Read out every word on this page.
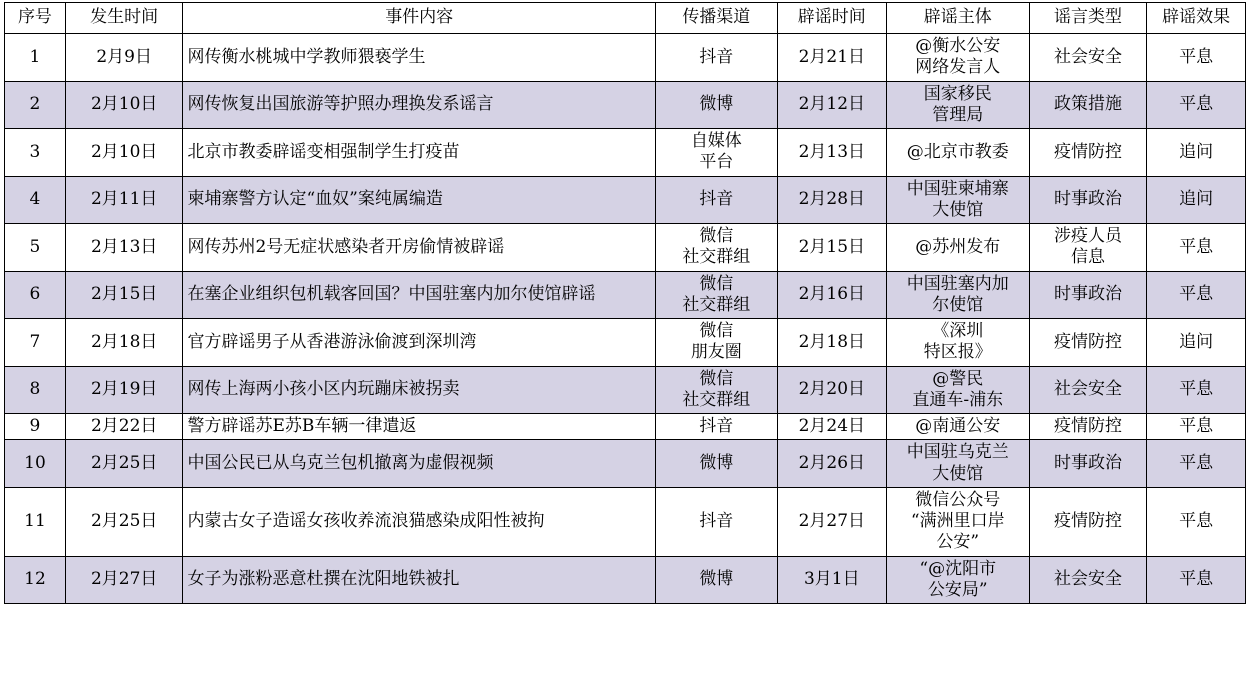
序号	发生时间	事件内容	传播渠道	辟谣时间	辟谣主体	谣言类型	辟谣效果
1	2月9日	网传衡水桃城中学教师猥亵学生	抖音	2月21日	@衡水公安
网络发言人	社会安全	平息
2	2月10日	网传恢复出国旅游等护照办理换发系谣言	微博	2月12日	国家移民
管理局	政策措施	平息
3	2月10日	北京市教委辟谣变相强制学生打疫苗	自媒体
平台	2月13日	@北京市教委	疫情防控	追问
4	2月11日	柬埔寨警方认定“血奴”案纯属编造	抖音	2月28日	中国驻柬埔寨
大使馆	时事政治	追问
5	2月13日	网传苏州2号无症状感染者开房偷情被辟谣	微信
社交群组	2月15日	@苏州发布	涉疫人员
信息	平息
6	2月15日	在塞企业组织包机载客回国？中国驻塞内加尔使馆辟谣	微信
社交群组	2月16日	中国驻塞内加
尔使馆	时事政治	平息
7	2月18日	官方辟谣男子从香港游泳偷渡到深圳湾	微信
朋友圈	2月18日	《深圳
特区报》	疫情防控	追问
8	2月19日	网传上海两小孩小区内玩蹦床被拐卖	微信
社交群组	2月20日	@警民
直通车-浦东	社会安全	平息
9	2月22日	警方辟谣苏E苏B车辆一律遣返	抖音	2月24日	@南通公安	疫情防控	平息
10	2月25日	中国公民已从乌克兰包机撤离为虚假视频	微博	2月26日	中国驻乌克兰
大使馆	时事政治	平息
11	2月25日	内蒙古女子造谣女孩收养流浪猫感染成阳性被拘	抖音	2月27日	微信公众号
“满洲里口岸
公安”	疫情防控	平息
12	2月27日	女子为涨粉恶意杜撰在沈阳地铁被扎	微博	3月1日	“@沈阳市
公安局”	社会安全	平息
